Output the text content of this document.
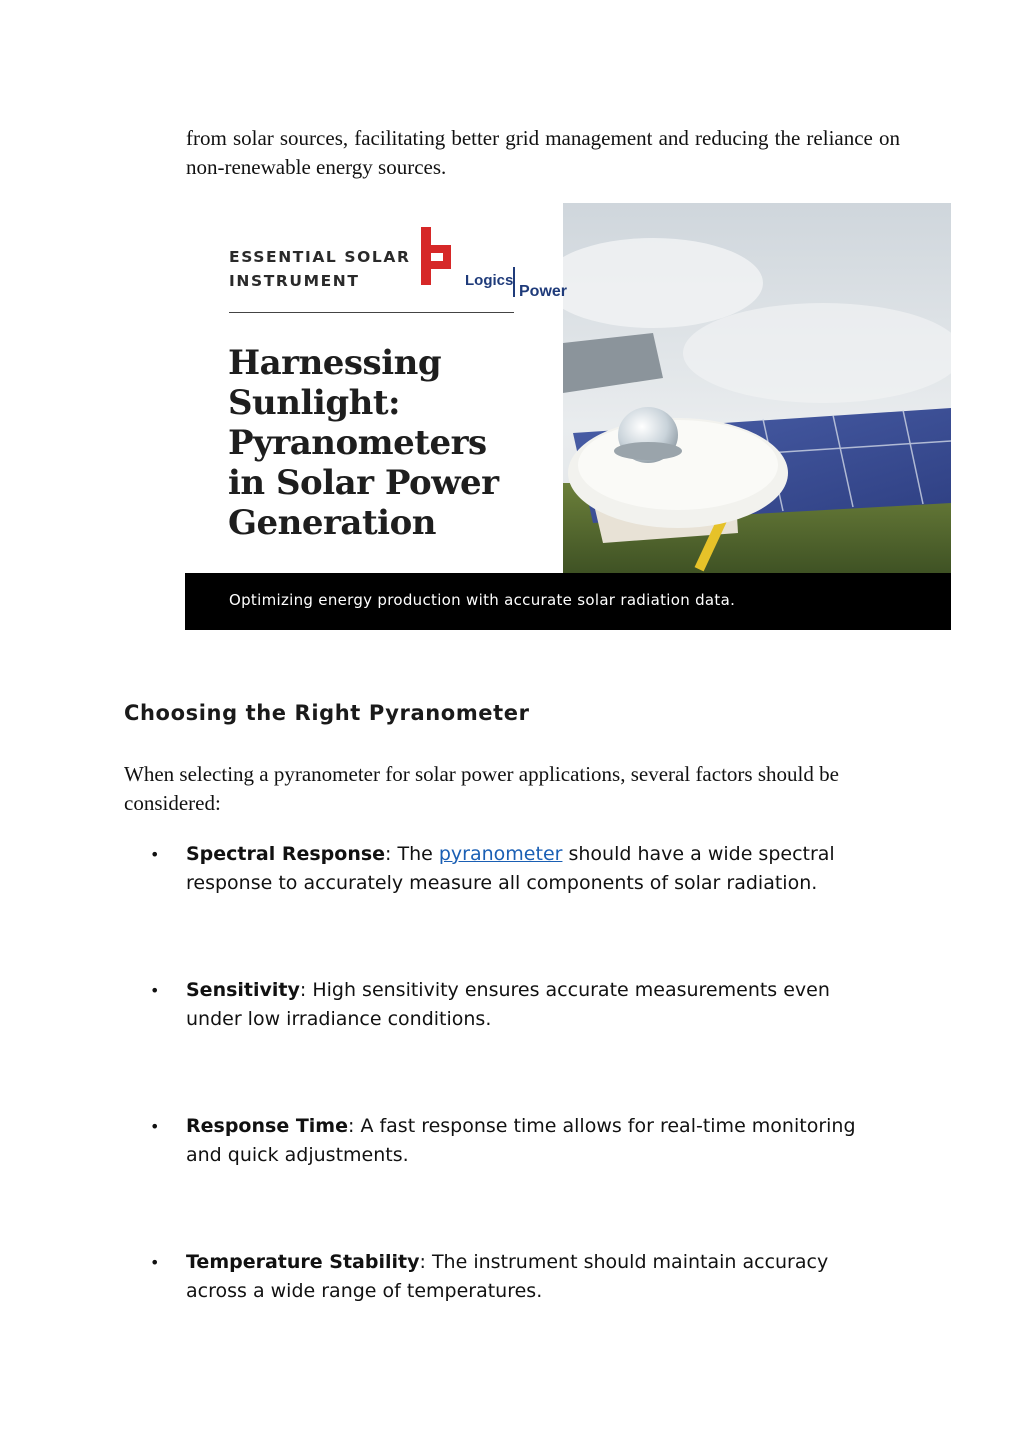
from solar sources, facilitating better grid management and reducing the reliance on non-renewable energy sources.

ESSENTIAL SOLAR
INSTRUMENT
Harnessing
Sunlight:
Pyranometers
in Solar Power
Generation
Logics
Power
Optimizing energy production with accurate solar radiation data.
Choosing the Right Pyranometer

When selecting a pyranometer for solar power applications, several factors should be considered:

•	Spectral Response: The pyranometer should have a wide spectral response to accurately measure all components of solar radiation.
•	Sensitivity: High sensitivity ensures accurate measurements even under low irradiance conditions.
•	Response Time: A fast response time allows for real-time monitoring and quick adjustments.
•	Temperature Stability: The instrument should maintain accuracy across a wide range of temperatures.
